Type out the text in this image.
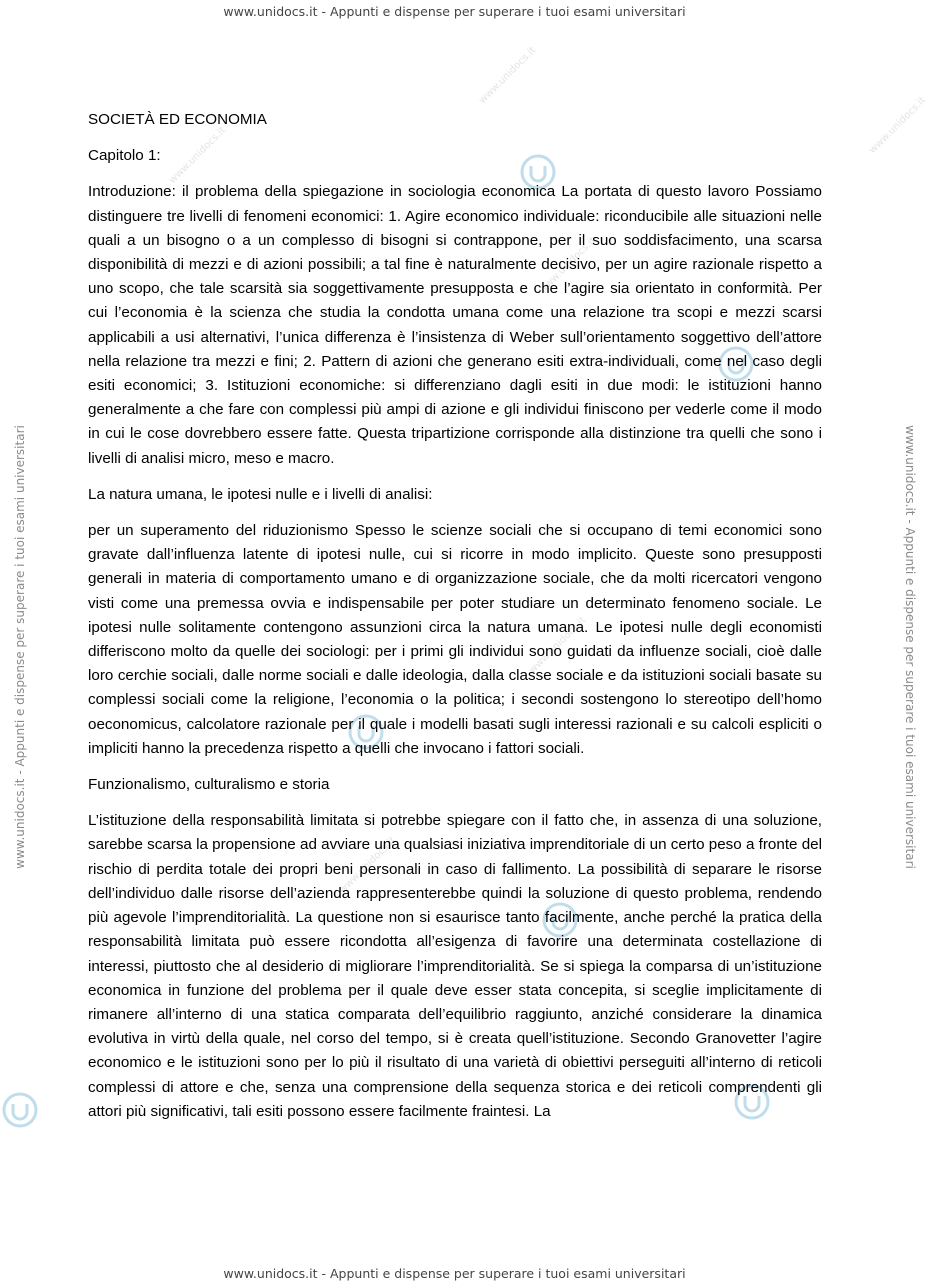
www.unidocs.it - Appunti e dispense per superare i tuoi esami universitari
www.unidocs.it - Appunti e dispense per superare i tuoi esami universitari
www.unidocs.it - Appunti e dispense per superare i tuoi esami universitari	www.unidocs.it - Appunti e dispense per superare i tuoi esami universitari
www.unidocs.it
www.unidocs.it
www.unidocs.it
www.unidocs.it
www.unidocs.it
www.unidocs.it
SOCIETÀ ED ECONOMIA
Capitolo 1:

Introduzione: il problema della spiegazione in sociologia economica La portata di questo lavoro Possiamo distinguere tre livelli di fenomeni economici: 1. Agire economico individuale: riconducibile alle situazioni nelle quali a un bisogno o a un complesso di bisogni si contrappone, per il suo soddisfacimento, una scarsa disponibilità di mezzi e di azioni possibili; a tal fine è naturalmente decisivo, per un agire razionale rispetto a uno scopo, che tale scarsità sia soggettivamente presupposta e che l’agire sia orientato in conformità. Per cui l’economia è la scienza che studia la condotta umana come una relazione tra scopi e mezzi scarsi applicabili a usi alternativi, l’unica differenza è l’insistenza di Weber sull’orientamento soggettivo dell’attore nella relazione tra mezzi e fini; 2. Pattern di azioni che generano esiti extra-individuali, come nel caso degli esiti economici; 3. Istituzioni economiche: si differenziano dagli esiti in due modi: le istituzioni hanno generalmente a che fare con complessi più ampi di azione e gli individui finiscono per vederle come il modo in cui le cose dovrebbero essere fatte. Questa tripartizione corrisponde alla distinzione tra quelli che sono i livelli di analisi micro, meso e macro.

La natura umana, le ipotesi nulle e i livelli di analisi:

per un superamento del riduzionismo Spesso le scienze sociali che si occupano di temi economici sono gravate dall’influenza latente di ipotesi nulle, cui si ricorre in modo implicito. Queste sono presupposti generali in materia di comportamento umano e di organizzazione sociale, che da molti ricercatori vengono visti come una premessa ovvia e indispensabile per poter studiare un determinato fenomeno sociale. Le ipotesi nulle solitamente contengono assunzioni circa la natura umana. Le ipotesi nulle degli economisti differiscono molto da quelle dei sociologi: per i primi gli individui sono guidati da influenze sociali, cioè dalle loro cerchie sociali, dalle norme sociali e dalle ideologia, dalla classe sociale e da istituzioni sociali basate su complessi sociali come la religione, l’economia o la politica; i secondi sostengono lo stereotipo dell’homo oeconomicus, calcolatore razionale per il quale i modelli basati sugli interessi razionali e su calcoli espliciti o impliciti hanno la precedenza rispetto a quelli che invocano i fattori sociali.

Funzionalismo, culturalismo e storia

L’istituzione della responsabilità limitata si potrebbe spiegare con il fatto che, in assenza di una soluzione, sarebbe scarsa la propensione ad avviare una qualsiasi iniziativa imprenditoriale di un certo peso a fronte del rischio di perdita totale dei propri beni personali in caso di fallimento. La possibilità di separare le risorse dell’individuo dalle risorse dell’azienda rappresenterebbe quindi la soluzione di questo problema, rendendo più agevole l’imprenditorialità. La questione non si esaurisce tanto facilmente, anche perché la pratica della responsabilità limitata può essere ricondotta all’esigenza di favorire una determinata costellazione di interessi, piuttosto che al desiderio di migliorare l’imprenditorialità. Se si spiega la comparsa di un’istituzione economica in funzione del problema per il quale deve esser stata concepita, si sceglie implicitamente di rimanere all’interno di una statica comparata dell’equilibrio raggiunto, anziché considerare la dinamica evolutiva in virtù della quale, nel corso del tempo, si è creata quell’istituzione. Secondo Granovetter l’agire economico e le istituzioni sono per lo più il risultato di una varietà di obiettivi perseguiti all’interno di reticoli complessi di attore e che, senza una comprensione della sequenza storica e dei reticoli comprendenti gli attori più significativi, tali esiti possono essere facilmente fraintesi. La
